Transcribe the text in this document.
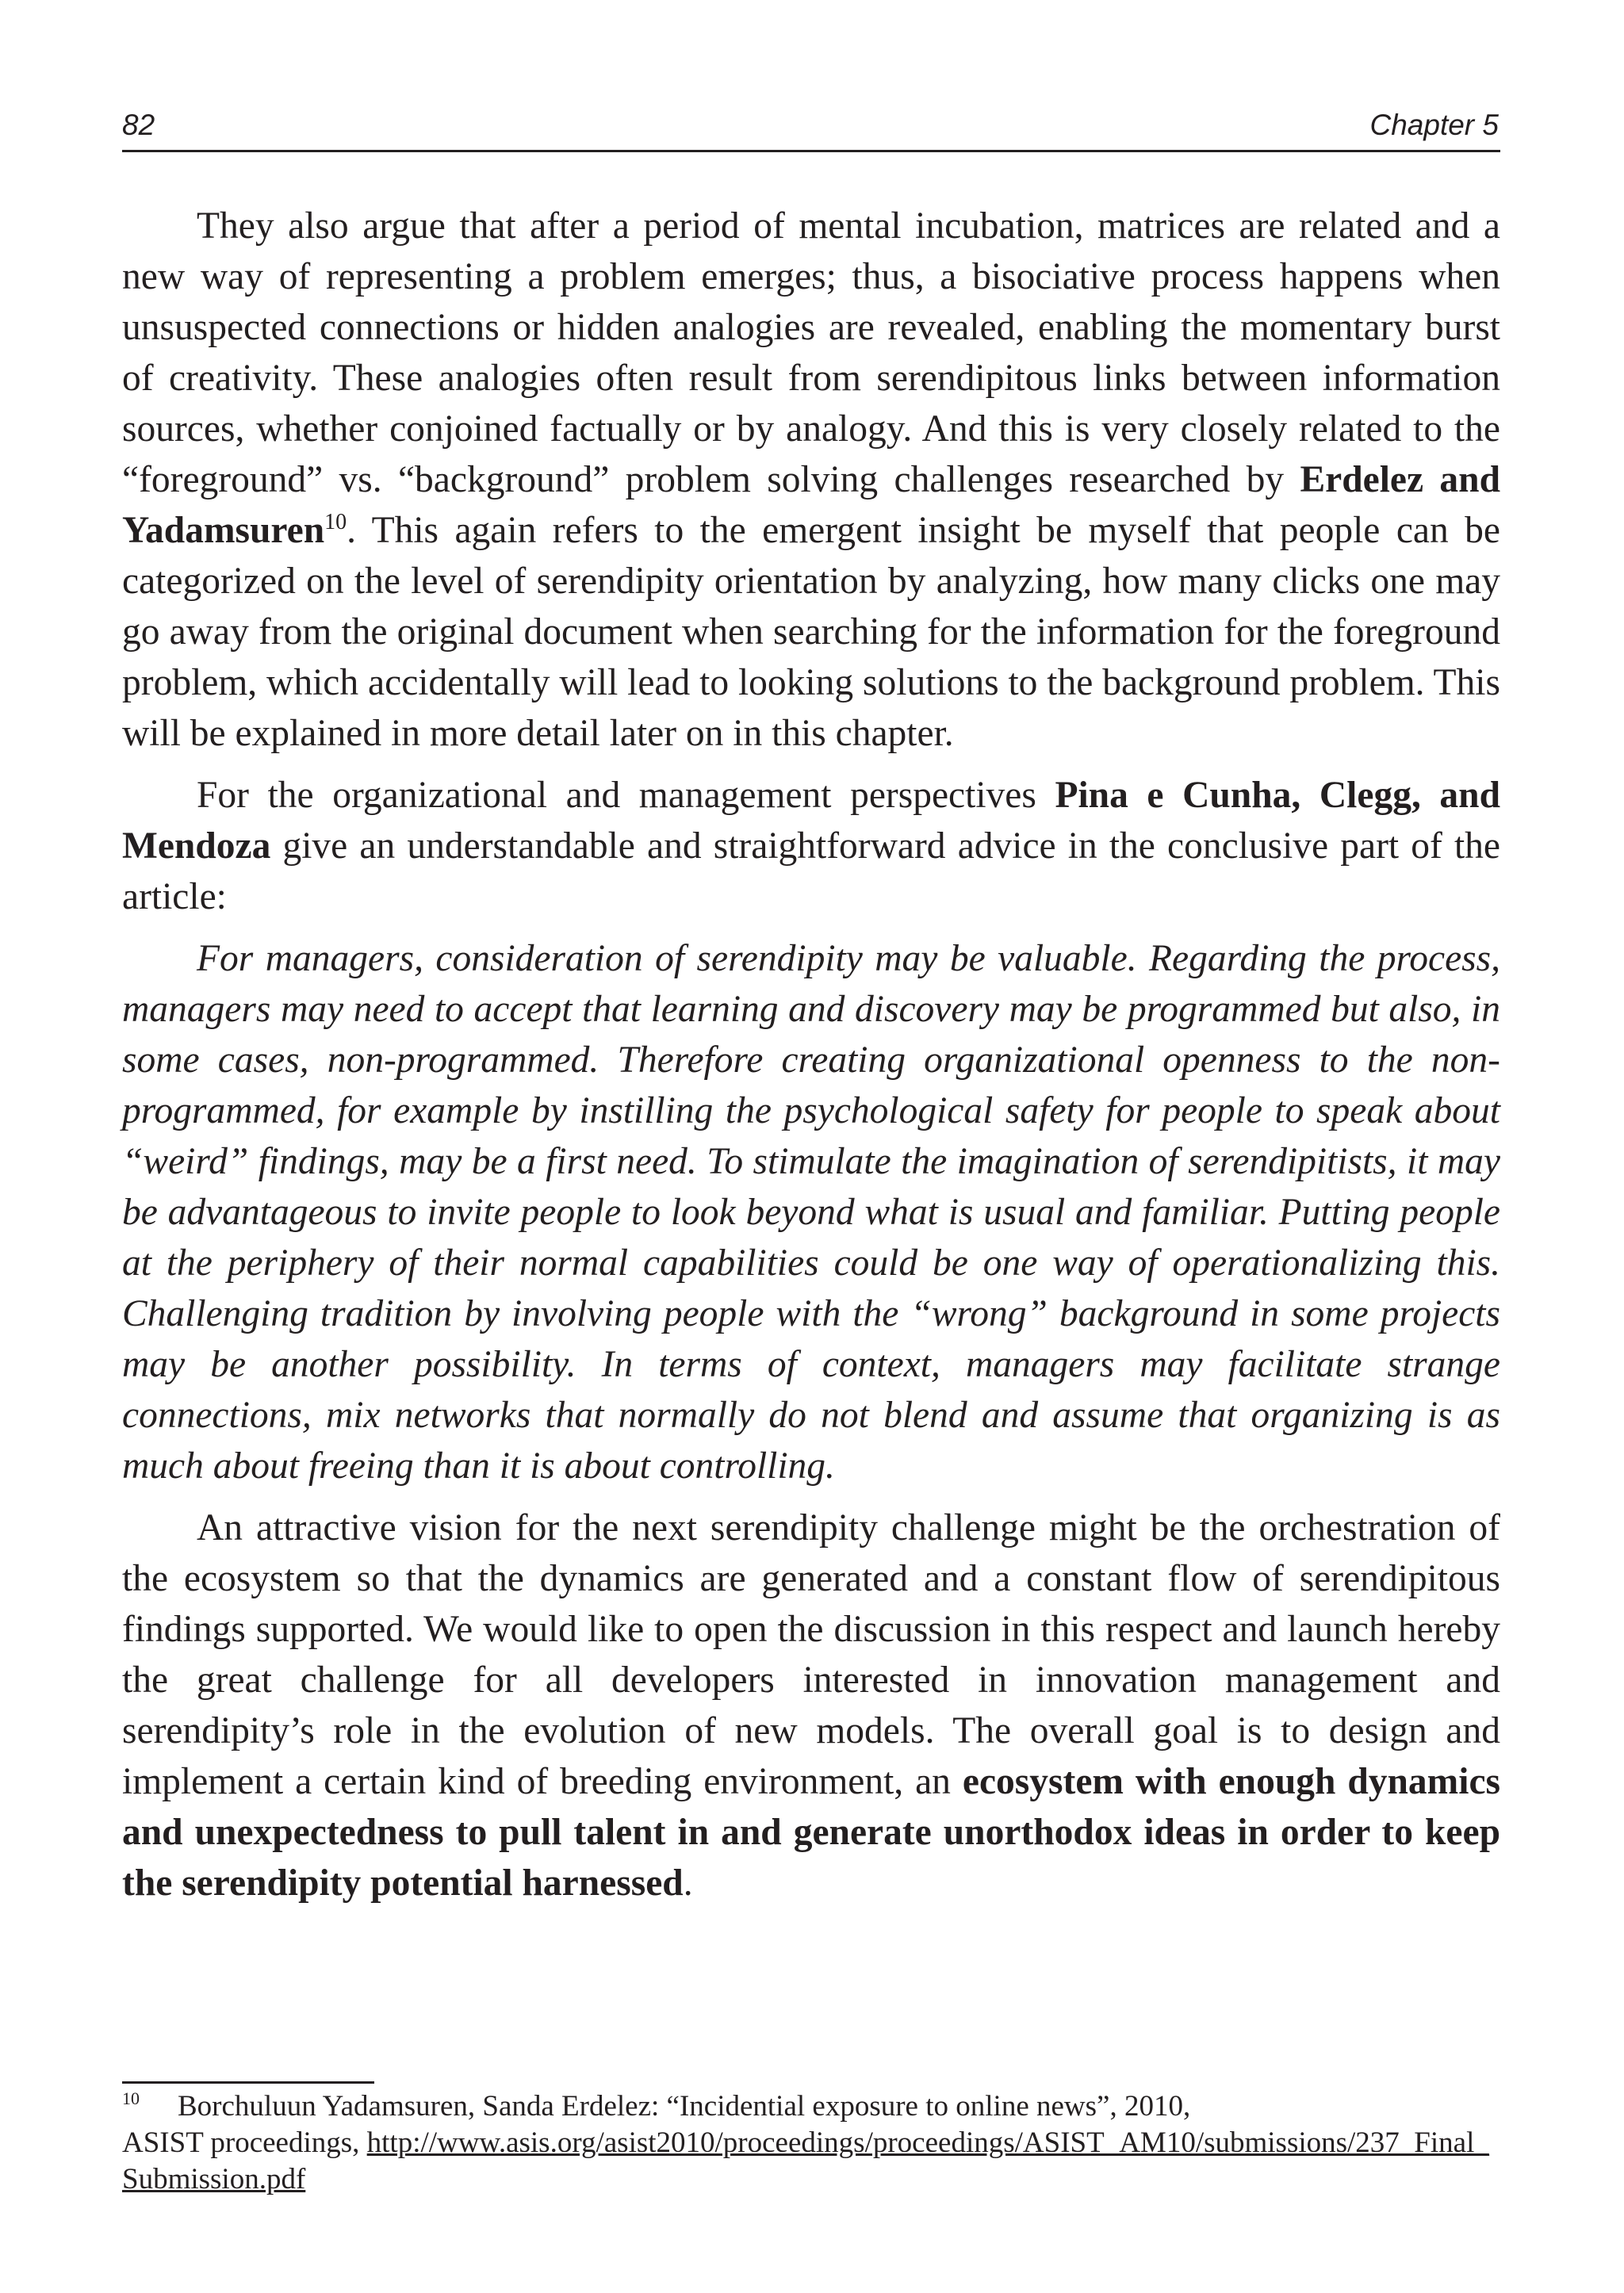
82	Chapter 5

They also argue that after a period of mental incubation, matrices are related and a new way of representing a problem emerges; thus, a bisociative process happens when unsuspected connections or hidden analogies are revealed, enabling the momentary burst of creativity. These analogies often result from serendipitous links between information sources, whether conjoined factually or by analogy. And this is very closely related to the “foreground” vs. “background” problem solving challenges researched by Erdelez and Yadamsuren$^{10}$. This again refers to the emergent insight be myself that people can be categorized on the level of serendipity orientation by analyzing, how many clicks one may go away from the original document when searching for the information for the foreground problem, which accidentally will lead to looking solutions to the background problem. This will be explained in more detail later on in this chapter.

For the organizational and management perspectives Pina e Cunha, Clegg, and Mendoza give an understandable and straightforward advice in the conclusive part of the article:

For managers, consideration of serendipity may be valuable. Regarding the process, managers may need to accept that learning and discovery may be programmed but also, in some cases, non-programmed. Therefore creating organizational openness to the non-programmed, for example by instilling the psychological safety for people to speak about “weird” findings, may be a first need. To stimulate the imagination of serendipitists, it may be advantageous to invite people to look beyond what is usual and familiar. Putting people at the periphery of their normal capabilities could be one way of operationalizing this. Challenging tradition by involving people with the “wrong” background in some projects may be another possibility. In terms of context, managers may facilitate strange connections, mix networks that normally do not blend and assume that organizing is as much about freeing than it is about controlling.

An attractive vision for the next serendipity challenge might be the orchestration of the ecosystem so that the dynamics are generated and a constant flow of serendipitous findings supported. We would like to open the discussion in this respect and launch hereby the great challenge for all developers interested in innovation management and serendipity’s role in the evolution of new models. The overall goal is to design and implement a certain kind of breeding environment, an ecosystem with enough dynamics and unexpectedness to pull talent in and generate unorthodox ideas in order to keep the serendipity potential harnessed.

$^{10}$ Borchuluun Yadamsuren, Sanda Erdelez: “Incidential exposure to online news”, 2010,
ASIST proceedings, http://www.asis.org/asist2010/proceedings/proceedings/ASIST_AM10/submissions/237_Final_Submission.pdf
